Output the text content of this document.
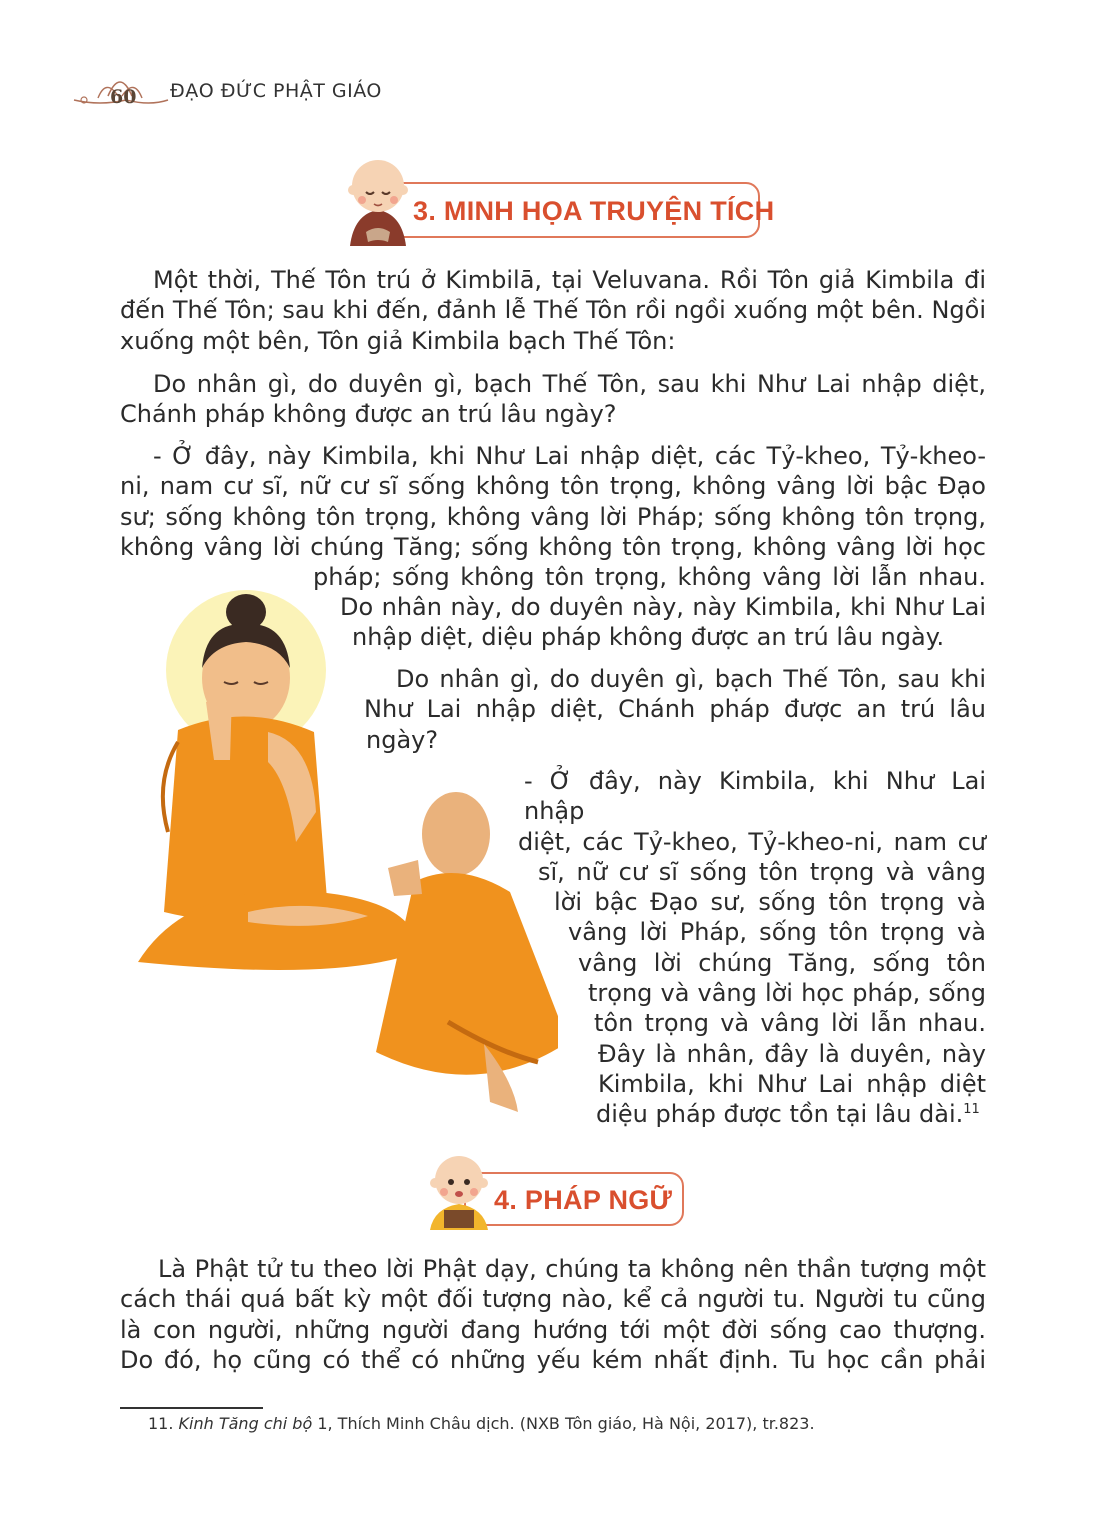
60 ĐẠO ĐỨC PHẬT GIÁO
3. MINH HỌA TRUYỆN TÍCH

Một thời, Thế Tôn trú ở Kimbilā, tại Veluvana. Rồi Tôn giả Kimbila đi

đến Thế Tôn; sau khi đến, đảnh lễ Thế Tôn rồi ngồi xuống một bên. Ngồi

xuống một bên, Tôn giả Kimbila bạch Thế Tôn:

Do nhân gì, do duyên gì, bạch Thế Tôn, sau khi Như Lai nhập diệt,

Chánh pháp không được an trú lâu ngày?

- Ở đây, này Kimbila, khi Như Lai nhập diệt, các Tỷ-kheo, Tỷ-kheo-

ni, nam cư sĩ, nữ cư sĩ sống không tôn trọng, không vâng lời bậc Đạo

sư; sống không tôn trọng, không vâng lời Pháp; sống không tôn trọng,

không vâng lời chúng Tăng; sống không tôn trọng, không vâng lời học

pháp; sống không tôn trọng, không vâng lời lẫn nhau.

Do nhân này, do duyên này, này Kimbila, khi Như Lai

nhập diệt, diệu pháp không được an trú lâu ngày.

Do nhân gì, do duyên gì, bạch Thế Tôn, sau khi

Như Lai nhập diệt, Chánh pháp được an trú lâu

ngày?

- Ở đây, này Kimbila, khi Như Lai nhập

diệt, các Tỷ-kheo, Tỷ-kheo-ni, nam cư

sĩ, nữ cư sĩ sống tôn trọng và vâng

lời bậc Đạo sư, sống tôn trọng và

vâng lời Pháp, sống tôn trọng và

vâng lời chúng Tăng, sống tôn

trọng và vâng lời học pháp, sống

tôn trọng và vâng lời lẫn nhau.

Đây là nhân, đây là duyên, này

Kimbila, khi Như Lai nhập diệt

diệu pháp được tồn tại lâu dài.$^{11}$

4. PHÁP NGỮ

Là Phật tử tu theo lời Phật dạy, chúng ta không nên thần tượng một

cách thái quá bất kỳ một đối tượng nào, kể cả người tu. Người tu cũng

là con người, những người đang hướng tới một đời sống cao thượng.

Do đó, họ cũng có thể có những yếu kém nhất định. Tu học cần phải

11. Kinh Tăng chi bộ 1, Thích Minh Châu dịch. (NXB Tôn giáo, Hà Nội, 2017), tr.823.
